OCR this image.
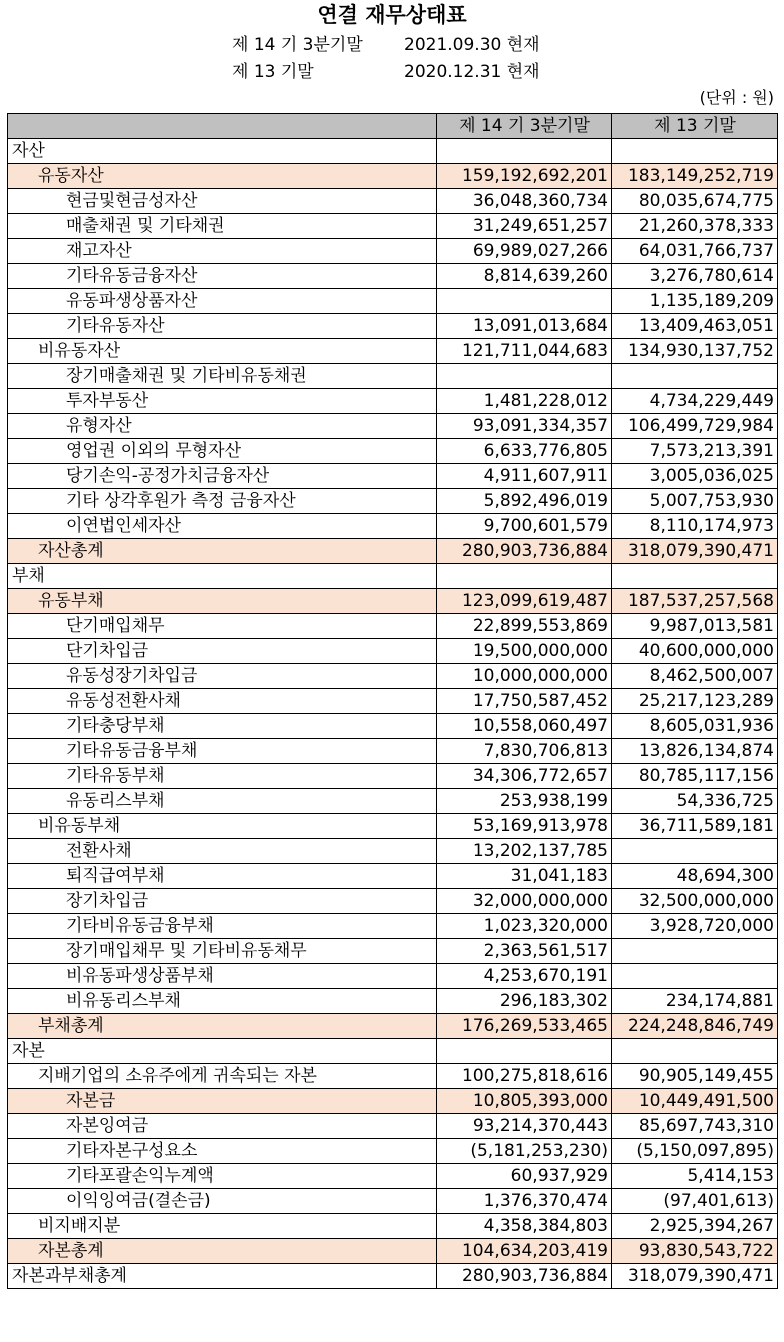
연결 재무상태표
제 14 기 3분기말 2021.09.30 현재
제 13 기말	2020.12.31 현재
(단위 : 원)
	제 14 기 3분기말	제 13 기말
자산		
유동자산	159,192,692,201	183,149,252,719
현금및현금성자산	36,048,360,734	80,035,674,775
매출채권 및 기타채권	31,249,651,257	21,260,378,333
재고자산	69,989,027,266	64,031,766,737
기타유동금융자산	8,814,639,260	3,276,780,614
유동파생상품자산		1,135,189,209
기타유동자산	13,091,013,684	13,409,463,051
비유동자산	121,711,044,683	134,930,137,752
장기매출채권 및 기타비유동채권		
투자부동산	1,481,228,012	4,734,229,449
유형자산	93,091,334,357	106,499,729,984
영업권 이외의 무형자산	6,633,776,805	7,573,213,391
당기손익-공정가치금융자산	4,911,607,911	3,005,036,025
기타 상각후원가 측정 금융자산	5,892,496,019	5,007,753,930
이연법인세자산	9,700,601,579	8,110,174,973
자산총계	280,903,736,884	318,079,390,471
부채		
유동부채	123,099,619,487	187,537,257,568
단기매입채무	22,899,553,869	9,987,013,581
단기차입금	19,500,000,000	40,600,000,000
유동성장기차입금	10,000,000,000	8,462,500,007
유동성전환사채	17,750,587,452	25,217,123,289
기타충당부채	10,558,060,497	8,605,031,936
기타유동금융부채	7,830,706,813	13,826,134,874
기타유동부채	34,306,772,657	80,785,117,156
유동리스부채	253,938,199	54,336,725
비유동부채	53,169,913,978	36,711,589,181
전환사채	13,202,137,785	
퇴직급여부채	31,041,183	48,694,300
장기차입금	32,000,000,000	32,500,000,000
기타비유동금융부채	1,023,320,000	3,928,720,000
장기매입채무 및 기타비유동채무	2,363,561,517	
비유동파생상품부채	4,253,670,191	
비유동리스부채	296,183,302	234,174,881
부채총계	176,269,533,465	224,248,846,749
자본		
지배기업의 소유주에게 귀속되는 자본	100,275,818,616	90,905,149,455
자본금	10,805,393,000	10,449,491,500
자본잉여금	93,214,370,443	85,697,743,310
기타자본구성요소	(5,181,253,230)	(5,150,097,895)
기타포괄손익누계액	60,937,929	5,414,153
이익잉여금(결손금)	1,376,370,474	(97,401,613)
비지배지분	4,358,384,803	2,925,394,267
자본총계	104,634,203,419	93,830,543,722
자본과부채총계	280,903,736,884	318,079,390,471
